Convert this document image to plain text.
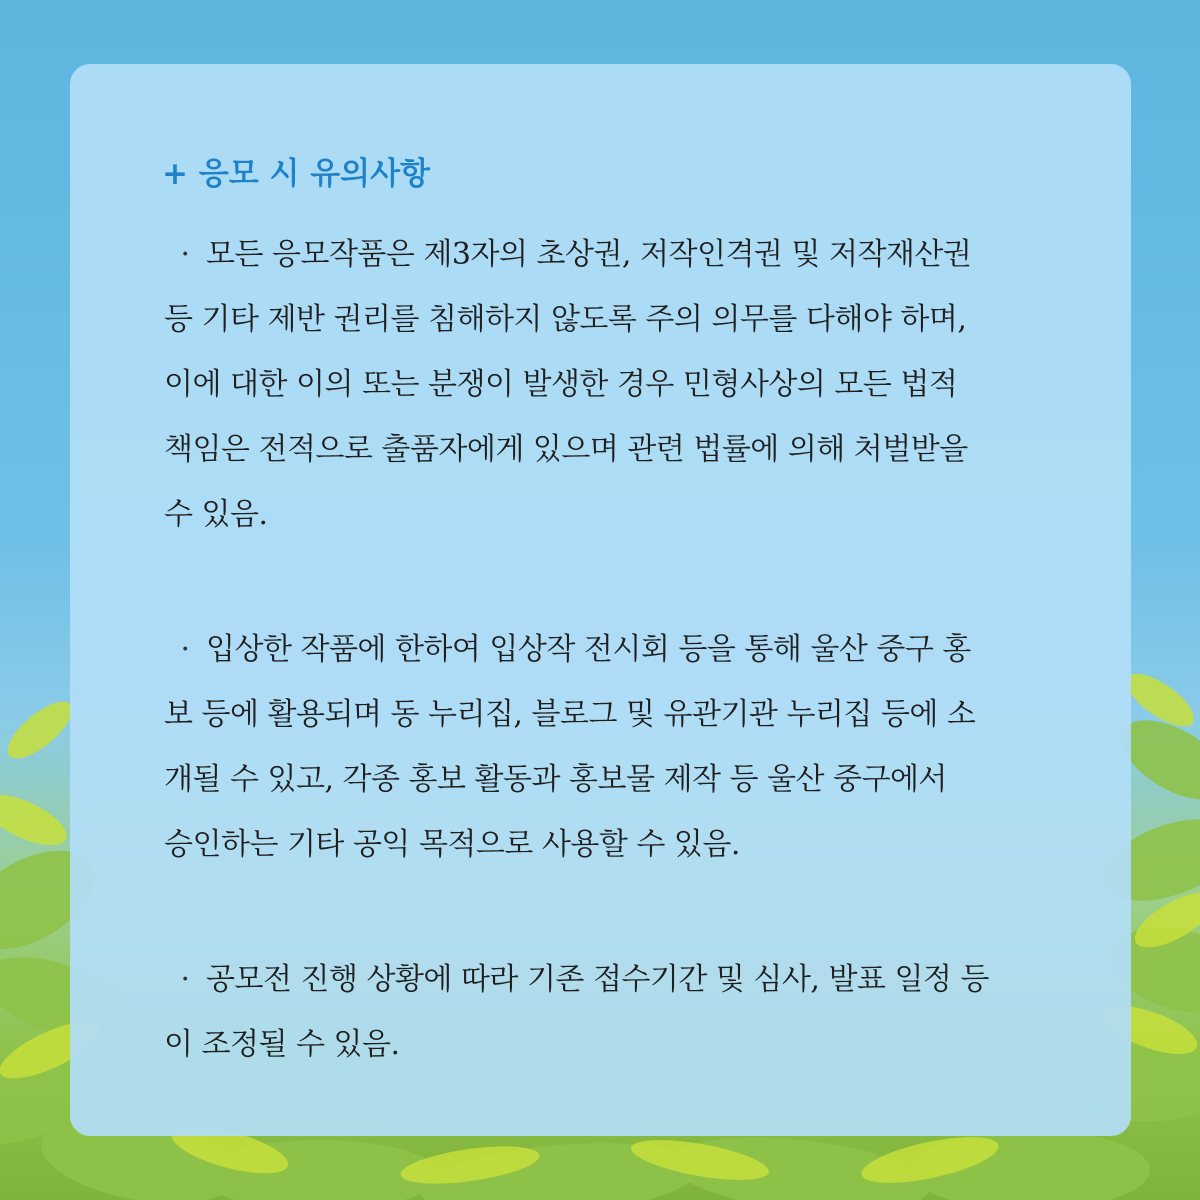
+ 응모 시 유의사항
· 모든 응모작품은 제3자의 초상권, 저작인격권 및 저작재산권
등 기타 제반 권리를 침해하지 않도록 주의 의무를 다해야 하며,
이에 대한 이의 또는 분쟁이 발생한 경우 민형사상의 모든 법적
책임은 전적으로 출품자에게 있으며 관련 법률에 의해 처벌받을
수 있음.
· 입상한 작품에 한하여 입상작 전시회 등을 통해 울산 중구 홍
보 등에 활용되며 동 누리집, 블로그 및 유관기관 누리집 등에 소
개될 수 있고, 각종 홍보 활동과 홍보물 제작 등 울산 중구에서
승인하는 기타 공익 목적으로 사용할 수 있음.
· 공모전 진행 상황에 따라 기존 접수기간 및 심사, 발표 일정 등
이 조정될 수 있음.
